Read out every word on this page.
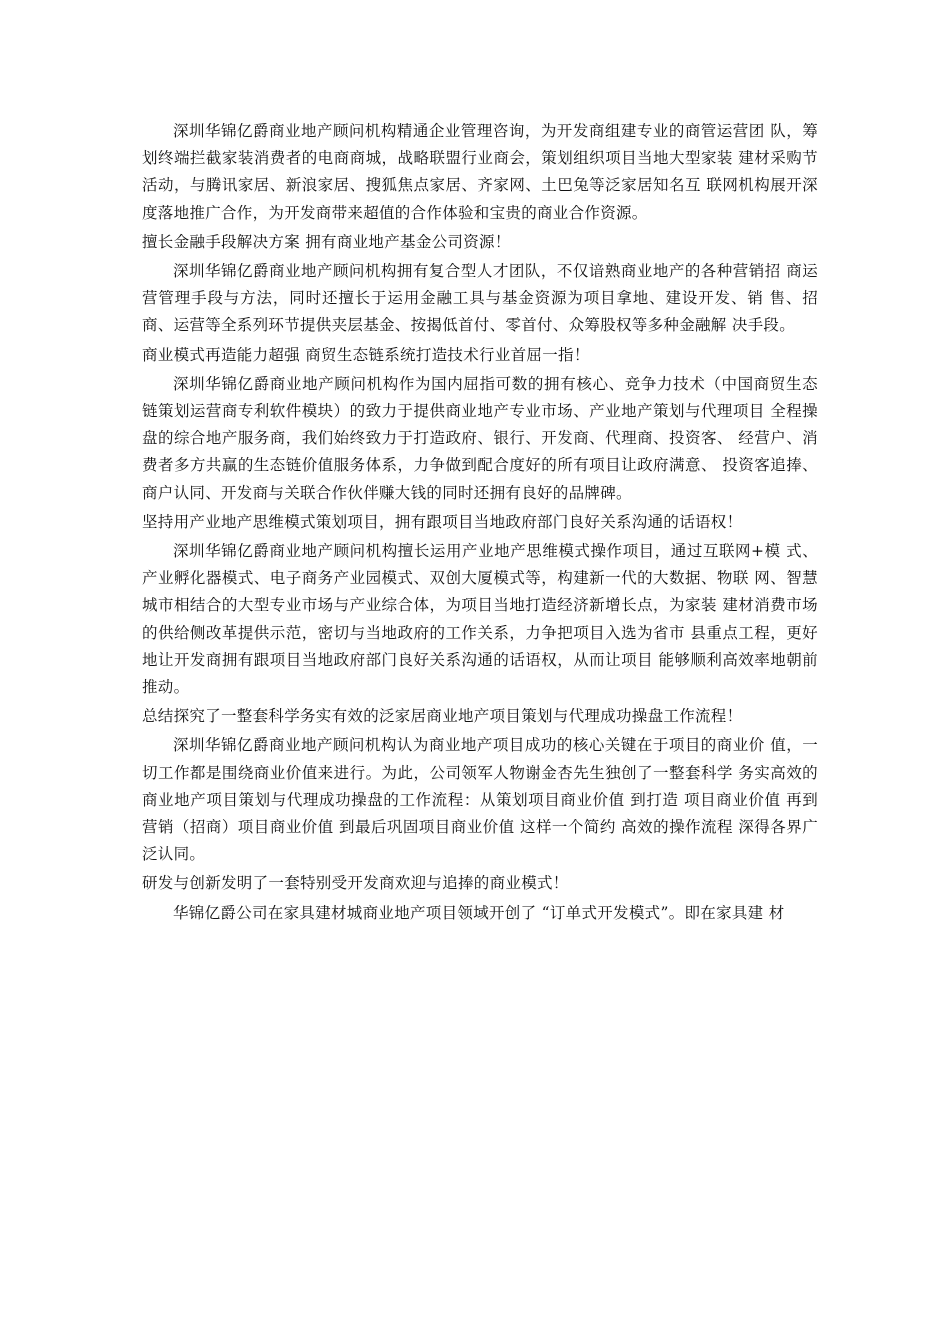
深圳华锦亿爵商业地产顾问机构精通企业管理咨询，为开发商组建专业的商管运营团 队，筹划终端拦截家装消费者的电商商城，战略联盟行业商会，策划组织项目当地大型家装 建材采购节活动，与腾讯家居、新浪家居、搜狐焦点家居、齐家网、土巴兔等泛家居知名互 联网机构展开深度落地推广合作，为开发商带来超值的合作体验和宝贵的商业合作资源。

擅长金融手段解决方案 拥有商业地产基金公司资源！

深圳华锦亿爵商业地产顾问机构拥有复合型人才团队，不仅谙熟商业地产的各种营销招 商运营管理手段与方法，同时还擅长于运用金融工具与基金资源为项目拿地、建设开发、销 售、招商、运营等全系列环节提供夹层基金、按揭低首付、零首付、众筹股权等多种金融解 决手段。

商业模式再造能力超强 商贸生态链系统打造技术行业首屈一指！

深圳华锦亿爵商业地产顾问机构作为国内屈指可数的拥有核心、竞争力技术（中国商贸生态链策划运营商专利软件模块）的致力于提供商业地产专业市场、产业地产策划与代理项目 全程操盘的综合地产服务商，我们始终致力于打造政府、银行、开发商、代理商、投资客、 经营户、消费者多方共赢的生态链价值服务体系，力争做到配合度好的所有项目让政府满意、 投资客追捧、商户认同、开发商与关联合作伙伴赚大钱的同时还拥有良好的品牌碑。

坚持用产业地产思维模式策划项目，拥有跟项目当地政府部门良好关系沟通的话语权！

深圳华锦亿爵商业地产顾问机构擅长运用产业地产思维模式操作项目，通过互联网+模 式、产业孵化器模式、电子商务产业园模式、双创大厦模式等，构建新一代的大数据、物联 网、智慧城市相结合的大型专业市场与产业综合体，为项目当地打造经济新增长点，为家装 建材消费市场的供给侧改革提供示范，密切与当地政府的工作关系，力争把项目入选为省市 县重点工程，更好地让开发商拥有跟项目当地政府部门良好关系沟通的话语权，从而让项目 能够顺利高效率地朝前推动。

总结探究了一整套科学务实有效的泛家居商业地产项目策划与代理成功操盘工作流程！

深圳华锦亿爵商业地产顾问机构认为商业地产项目成功的核心关键在于项目的商业价 值，一切工作都是围绕商业价值来进行。为此，公司领军人物谢金杏先生独创了一整套科学 务实高效的商业地产项目策划与代理成功操盘的工作流程：从策划项目商业价值 到打造 项目商业价值 再到营销（招商）项目商业价值 到最后巩固项目商业价值 这样一个简约 高效的操作流程 深得各界广泛认同。

研发与创新发明了一套特别受开发商欢迎与追捧的商业模式！

华锦亿爵公司在家具建材城商业地产项目领域开创了 “订单式开发模式”。即在家具建 材
